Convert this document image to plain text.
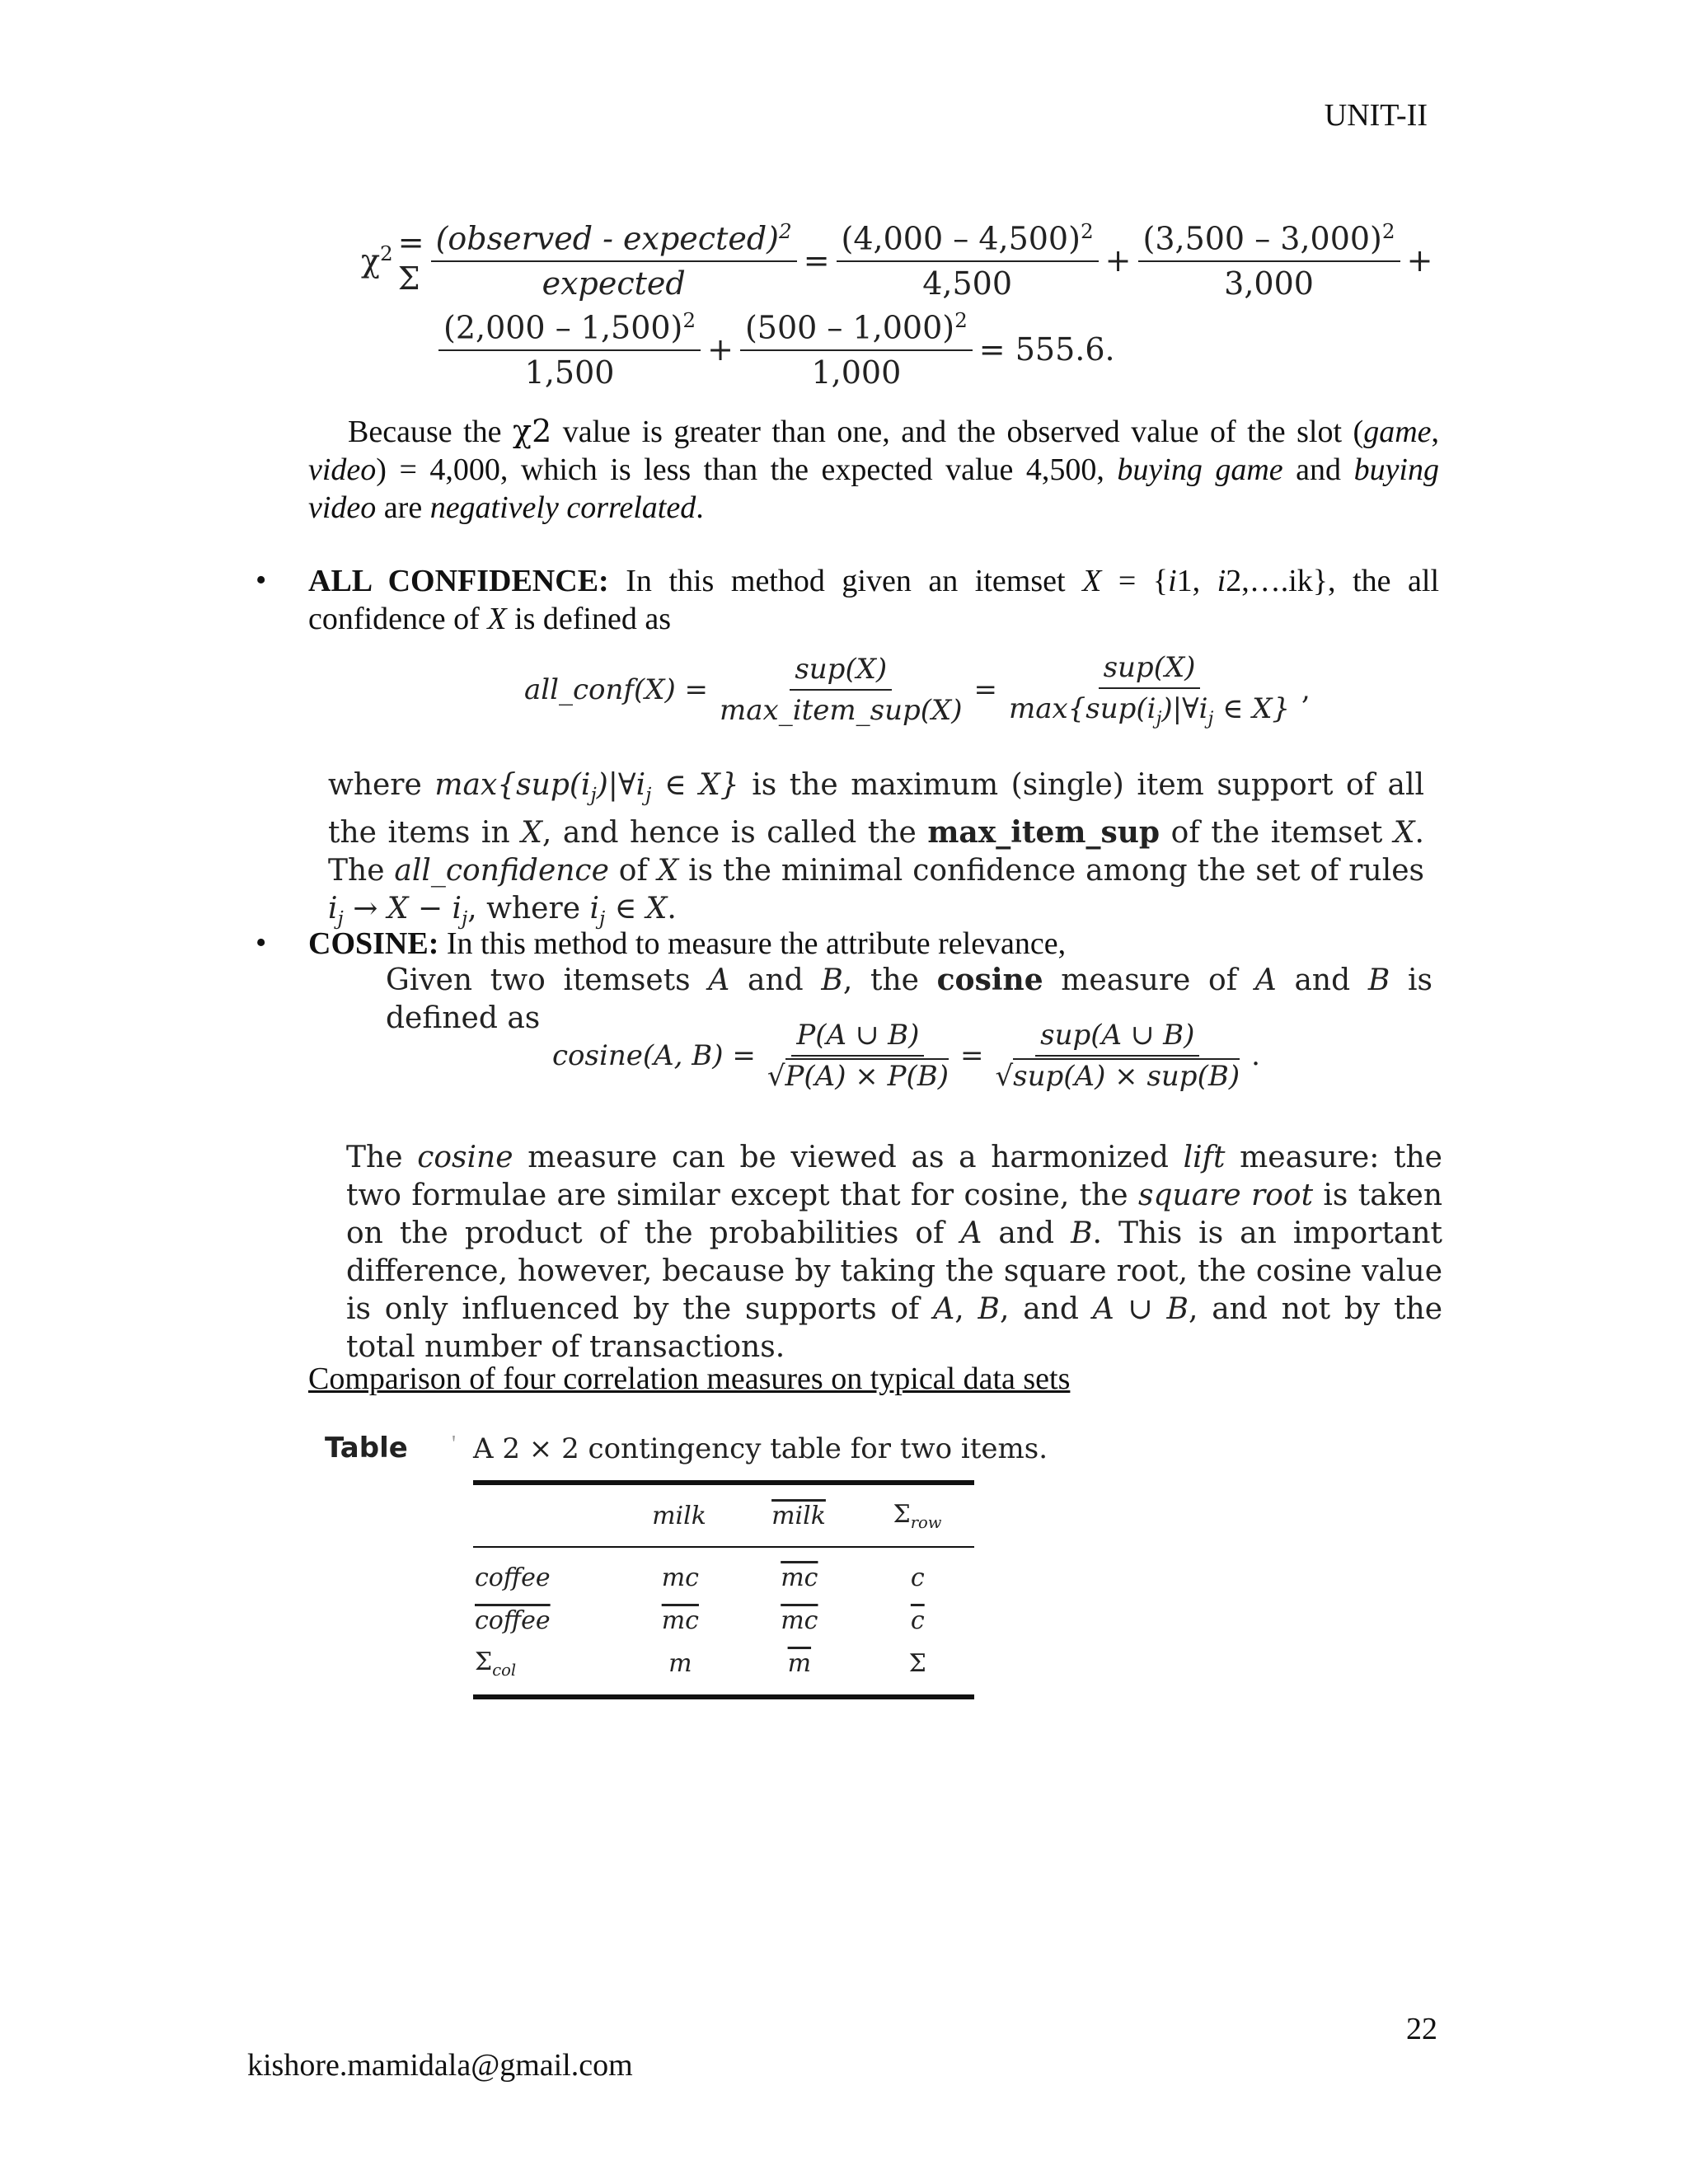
UNIT-II
$\chi^2 = \Sigma \frac{(observed - expected)^2}{\text{expected}} = \frac{(4,000 - 4,500)^2}{4,500} + \frac{(3,500 - 3,000)^2}{3,000}$ +
$\frac{(2,000 - 1,500)^2}{1,500} + \frac{(500 - 1,000)^2}{1,000} = 555.6$.
Because the χ2 value is greater than one, and the observed value of the slot (game, video) = 4,000, which is less than the expected value 4,500, buying game and buying video are negatively correlated.
• ALL CONFIDENCE: In this method given an itemset X = {i1, i2,….ik}, the all confidence of X is defined as
all_conf(X) = $\frac{\text{sup(X)}}{\text{max\_item\_sup(X)}} = \frac{\text{sup(X)}}{\max\{sup(i_j)|\forall i_j \in X\}}$ ,
where $\max\{sup(i_j)|\forall i_j$ ∈ X} is the maximum (single) item support of all the items in X, and hence is called the max_item_sup of the itemset X. The all_confidence of X is the minimal confidence among the set of rules $i_j \to X - i_j$, where $i_j$ ∈ X.
• COSINE: In this method to measure the attribute relevance,
Given two itemsets A and B, the cosine measure of A and B is defined as
cosine(A, $B) = \frac{P(A \cup B)}{√P(A) \times P(B)} = \frac{\text{sup(A ∪ B)}}{\text{√sup(A) × sup(B)}}$ .
The cosine measure can be viewed as a harmonized lift measure: the two formulae are similar except that for cosine, the square root is taken on the product of the probabilities of A and B. This is an important difference, however, because by taking the square root, the cosine value is only influenced by the supports of A, B, and A ∪ B, and not by the total number of transactions.
Comparison of four correlation measures on typical data sets
Table ' A 2 × 2 contingency table for two items.
	milk	milk	$\Sigma_{row}$
coffee	mc	$\overline{mc}$	c
coffee	$\overline{mc}$	$\overline{mc}$	$\overline{c}$
$\Sigma_{col}$	m	$\overline{m}$	Σ
22
kishore.mamidala@gmail.com
